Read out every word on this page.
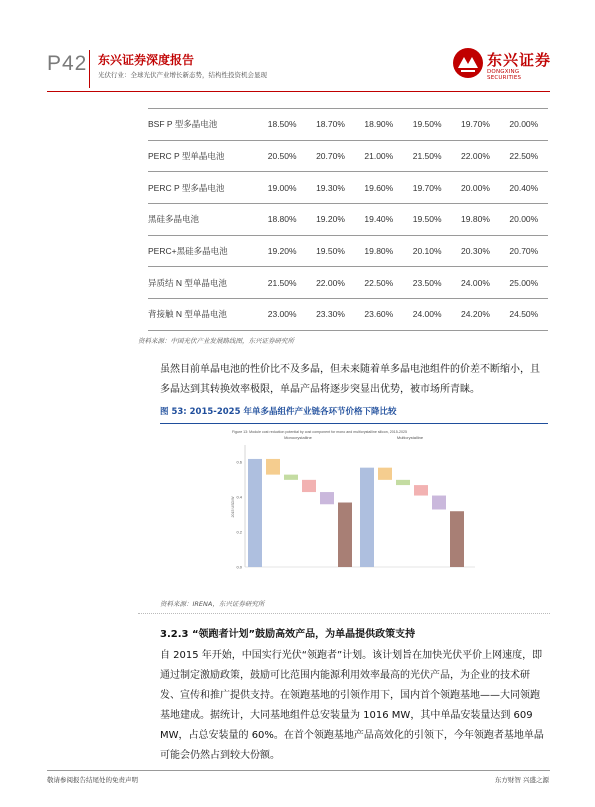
P42 东兴证券深度报告
光伏行业：全球光伏产业增长新态势，结构性投资机会显现
东兴证券
DONGXING SECURITIES
BSF P 型多晶电池	18.50%	18.70%	18.90%	19.50%	19.70%	20.00%
PERC P 型单晶电池	20.50%	20.70%	21.00%	21.50%	22.00%	22.50%
PERC P 型多晶电池	19.00%	19.30%	19.60%	19.70%	20.00%	20.40%
黑硅多晶电池	18.80%	19.20%	19.40%	19.50%	19.80%	20.00%
PERC+黑硅多晶电池	19.20%	19.50%	19.80%	20.10%	20.30%	20.70%
异质结 N 型单晶电池	21.50%	22.00%	22.50%	23.50%	24.00%	25.00%
背接触 N 型单晶电池	23.00%	23.30%	23.60%	24.00%	24.20%	24.50%
资料来源：中国光伏产业发展路线图，东兴证券研究所
虽然目前单晶电池的性价比不及多晶，但未来随着单多晶电池组件的价差不断缩小，且多晶达到其转换效率极限，单晶产品将逐步突显出优势，被市场所青睐。
图 53: 2015-2025 年单多晶组件产业链各环节价格下降比较
Figure 13: Module cost reduction potential by cost component for mono and multicrystalline silicon, 2015-2025
0.0
0.2
0.4
0.6
2015 USD/W
Monocrystalline	Multicrystalline
资料来源：IRENA，东兴证券研究所
3.2.3 “领跑者计划”鼓励高效产品，为单晶提供政策支持
自 2015 年开始，中国实行光伏“领跑者”计划。该计划旨在加快光伏平价上网速度，即通过制定激励政策，鼓励可比范围内能源利用效率最高的光伏产品，为企业的技术研发、宣传和推广提供支持。在领跑基地的引领作用下，国内首个领跑基地——大同领跑基地建成。据统计，大同基地组件总安装量为 1016 MW，其中单晶安装量达到 609 MW，占总安装量的 60%。在首个领跑基地产品高效化的引领下，今年领跑者基地单晶可能会仍然占到较大份额。
敬请参阅报告结尾处的免责声明	东方财智 兴盛之源
